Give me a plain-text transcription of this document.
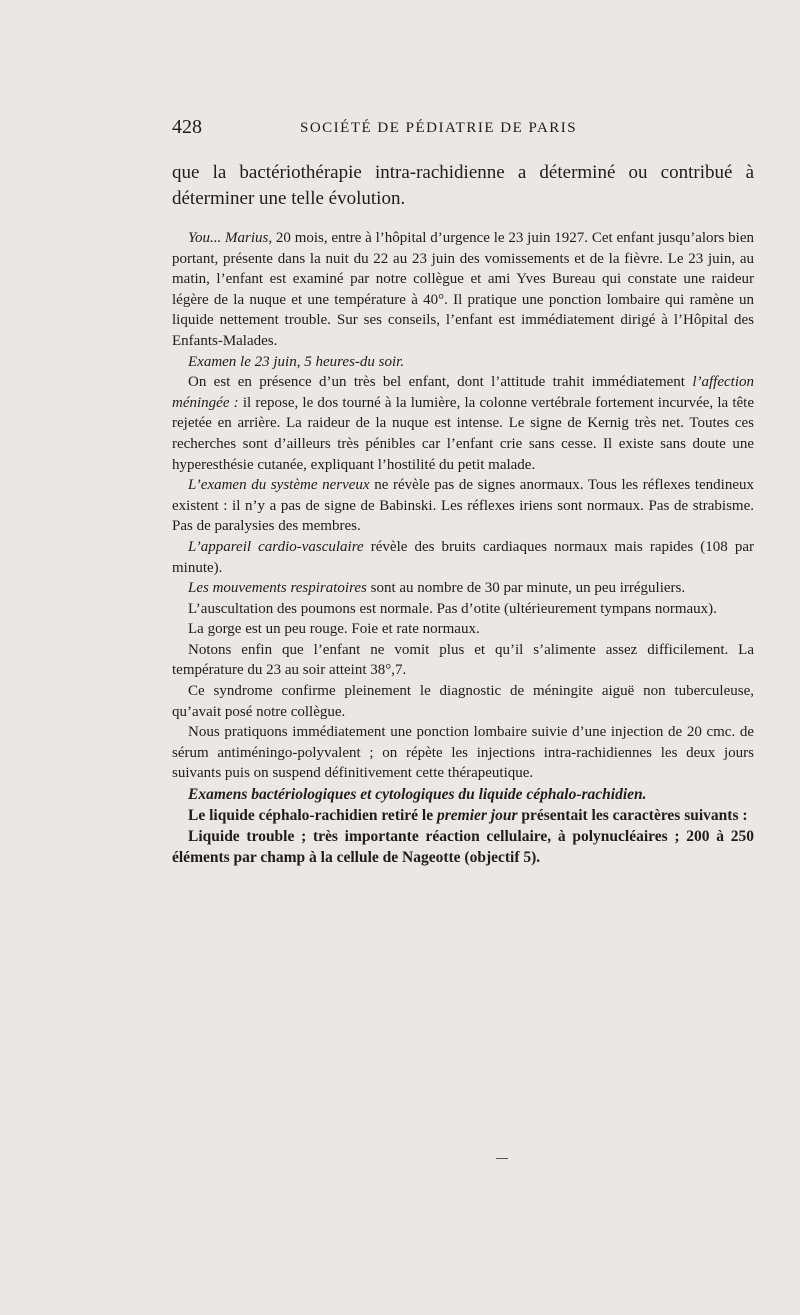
428	SOCIÉTÉ DE PÉDIATRIE DE PARIS

que la bactériothérapie intra-rachidienne a déterminé ou contribué à déterminer une telle évolution.

You... Marius, 20 mois, entre à l’hôpital d’urgence le 23 juin 1927. Cet enfant jusqu’alors bien portant, présente dans la nuit du 22 au 23 juin des vomissements et de la fièvre. Le 23 juin, au matin, l’enfant est examiné par notre collègue et ami Yves Bureau qui constate une raideur légère de la nuque et une température à 40°. Il pratique une ponction lombaire qui ramène un liquide nettement trouble. Sur ses conseils, l’enfant est immédiatement dirigé à l’Hôpital des Enfants-Malades.

Examen le 23 juin, 5 heures-du soir.

On est en présence d’un très bel enfant, dont l’attitude trahit immédiatement l’affection méningée : il repose, le dos tourné à la lumière, la colonne vertébrale fortement incurvée, la tête rejetée en arrière. La raideur de la nuque est intense. Le signe de Kernig très net. Toutes ces recherches sont d’ailleurs très pénibles car l’enfant crie sans cesse. Il existe sans doute une hyperesthésie cutanée, expliquant l’hostilité du petit malade.

L’examen du système nerveux ne révèle pas de signes anormaux. Tous les réflexes tendineux existent : il n’y a pas de signe de Babinski. Les réflexes iriens sont normaux. Pas de strabisme. Pas de paralysies des membres.

L’appareil cardio-vasculaire révèle des bruits cardiaques normaux mais rapides (108 par minute).

Les mouvements respiratoires sont au nombre de 30 par minute, un peu irréguliers.

L’auscultation des poumons est normale. Pas d’otite (ultérieurement tympans normaux).

La gorge est un peu rouge. Foie et rate normaux.

Notons enfin que l’enfant ne vomit plus et qu’il s’alimente assez difficilement. La température du 23 au soir atteint 38°,7.

Ce syndrome confirme pleinement le diagnostic de méningite aiguë non tuberculeuse, qu’avait posé notre collègue.

Nous pratiquons immédiatement une ponction lombaire suivie d’une injection de 20 cmc. de sérum antiméningo-polyvalent ; on répète les injections intra-rachidiennes les deux jours suivants puis on suspend définitivement cette thérapeutique.

Examens bactériologiques et cytologiques du liquide céphalo-rachidien.

Le liquide céphalo-rachidien retiré le premier jour présentait les caractères suivants :

Liquide trouble ; très importante réaction cellulaire, à polynucléaires ; 200 à 250 éléments par champ à la cellule de Nageotte (objectif 5).
